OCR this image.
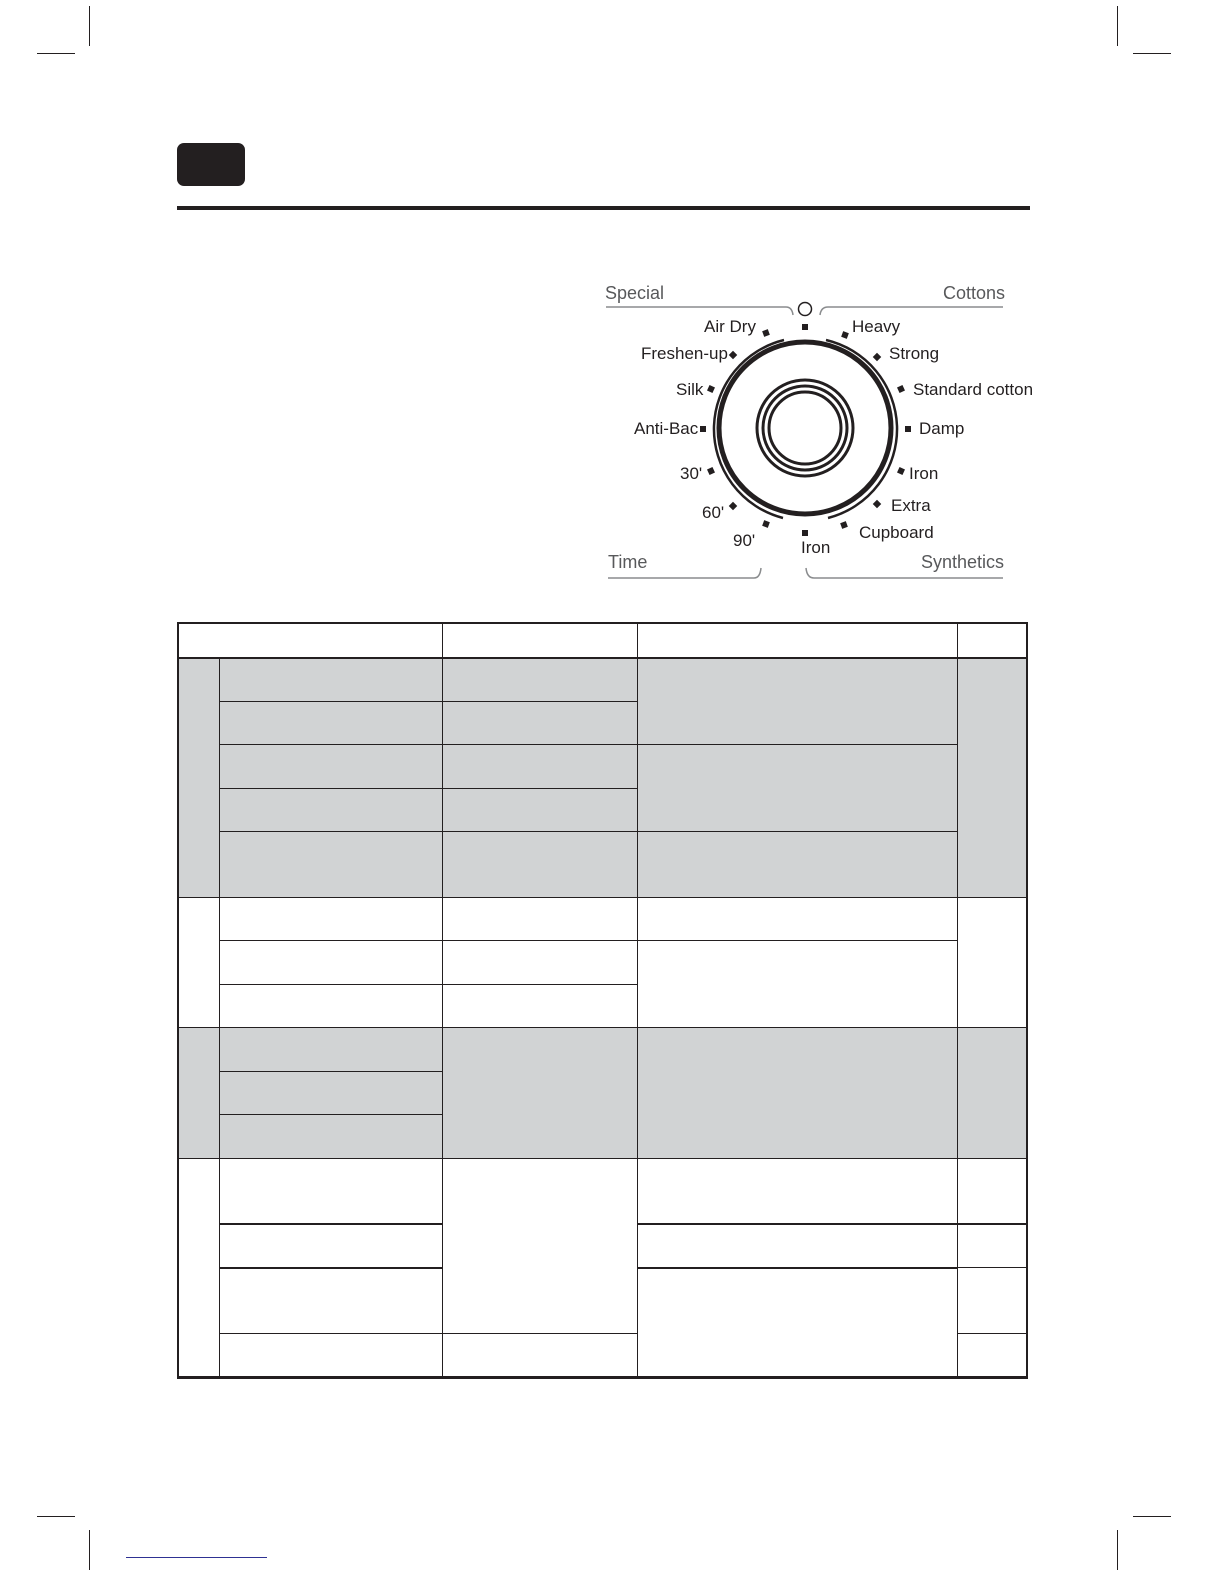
Special	Cottons
Time	Synthetics
Air Dry
Freshen-up
Silk
Anti-Bac
30'
60'
90'
Heavy
Strong
Standard cotton
Damp
Iron
Extra
Cupboard
Iron
